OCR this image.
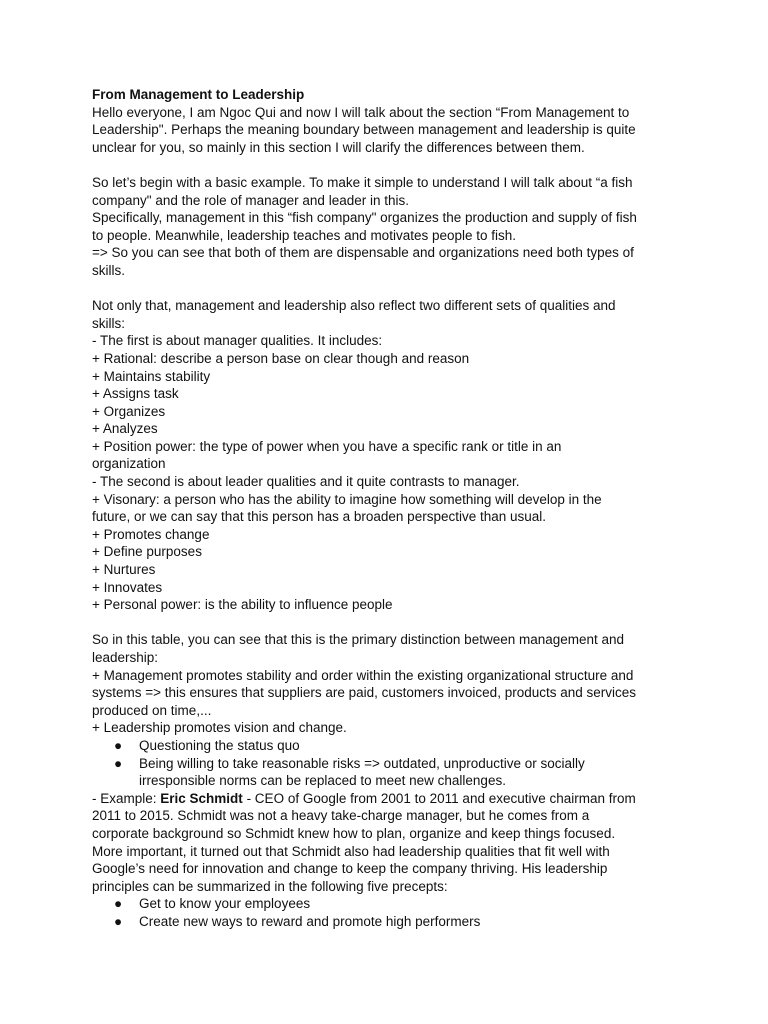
From Management to Leadership
Hello everyone, I am Ngoc Qui and now I will talk about the section “From Management to
Leadership". Perhaps the meaning boundary between management and leadership is quite
unclear for you, so mainly in this section I will clarify the differences between them.
So let’s begin with a basic example. To make it simple to understand I will talk about “a fish
company" and the role of manager and leader in this.
Specifically, management in this “fish company" organizes the production and supply of fish
to people. Meanwhile, leadership teaches and motivates people to fish.
=> So you can see that both of them are dispensable and organizations need both types of
skills.
Not only that, management and leadership also reflect two different sets of qualities and
skills:
- The first is about manager qualities. It includes:
+ Rational: describe a person base on clear though and reason
+ Maintains stability
+ Assigns task
+ Organizes
+ Analyzes
+ Position power: the type of power when you have a specific rank or title in an
organization
- The second is about leader qualities and it quite contrasts to manager.
+ Visonary: a person who has the ability to imagine how something will develop in the
future, or we can say that this person has a broaden perspective than usual.
+ Promotes change
+ Define purposes
+ Nurtures
+ Innovates
+ Personal power: is the ability to influence people
So in this table, you can see that this is the primary distinction between management and
leadership:
+ Management promotes stability and order within the existing organizational structure and
systems => this ensures that suppliers are paid, customers invoiced, products and services
produced on time,...
+ Leadership promotes vision and change.
● Questioning the status quo
● Being willing to take reasonable risks => outdated, unproductive or socially
irresponsible norms can be replaced to meet new challenges.
- Example: Eric Schmidt - CEO of Google from 2001 to 2011 and executive chairman from
2011 to 2015. Schmidt was not a heavy take-charge manager, but he comes from a
corporate background so Schmidt knew how to plan, organize and keep things focused.
More important, it turned out that Schmidt also had leadership qualities that fit well with
Google’s need for innovation and change to keep the company thriving. His leadership
principles can be summarized in the following five precepts:
● Get to know your employees
● Create new ways to reward and promote high performers
